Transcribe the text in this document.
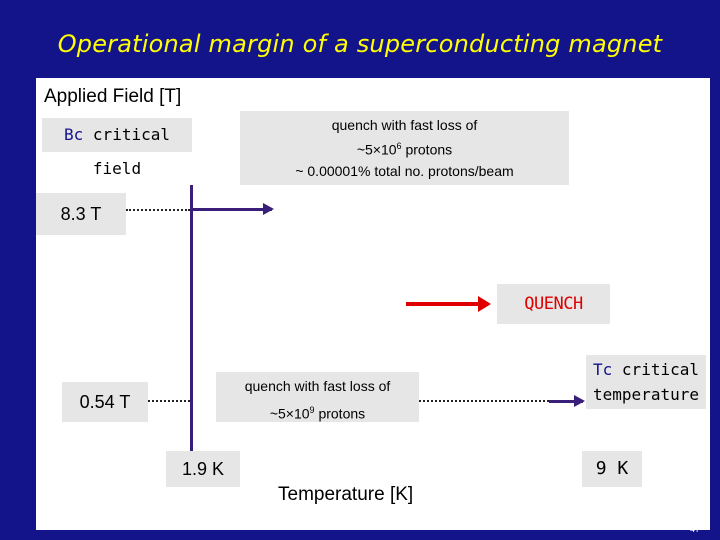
Operational margin of a superconducting magnet
Applied Field [T]
Bc critical field
quench with fast loss of
$\sim 5\times 10^6$ protons
~ 0.00001% total no. protons/beam
8.3 T
QUENCH
quench with fast loss of
$\sim 5\times 10^9$ protons
0.54 T
Tc critical
temperature
1.9 K	9 K
Temperature [K]
47
